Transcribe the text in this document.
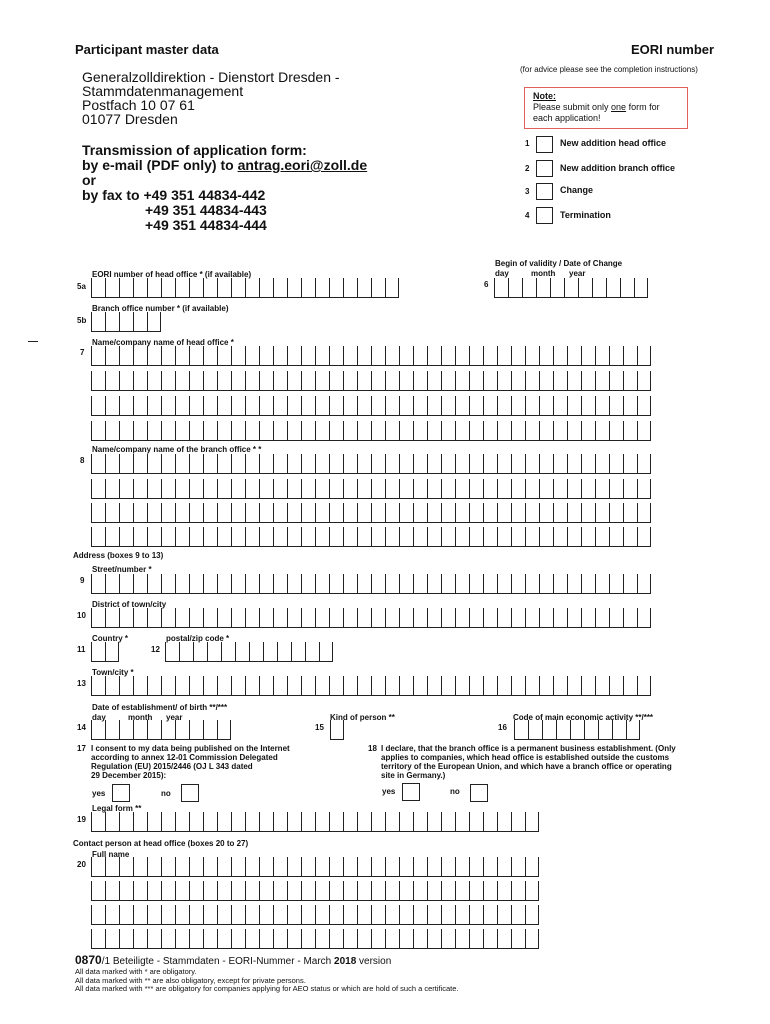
Participant master data	EORI number
(for advice please see the completion instructions)
Generalzolldirektion - Dienstort Dresden -
Stammdatenmanagement
Postfach 10 07 61
01077 Dresden
Transmission of application form:
by e-mail (PDF only) to antrag.eori@zoll.de
or
by fax to +49 351 44834-442
+49 351 44834-443
+49 351 44834-444
Note:
Please submit only one form for
each application!
1	New addition head office
2	New addition branch office
3	Change
4	Termination
EORI number of head office * (if available)
5a
Begin of validity / Date of Change
day	month year
6
Branch office number * (if available)
5b
Name/company name of head office *
7
Name/company name of the branch office * *
8
Address (boxes 9 to 13)
Street/number *
9
District of town/city
10
Country *
11
postal/zip code *
12
Town/city *
13
Date of establishment/ of birth **/***
day	month year
14
Kind of person **
15
Code of main economic activity **/***
16
17 I consent to my data being published on the Internet
according to annex 12-01 Commission Delegated
Regulation (EU) 2015/2446 (OJ L 343 dated
29 December 2015):
yes	no
18 I declare, that the branch office is a permanent business establishment. (Only
applies to companies, which head office is established outside the customs
territory of the European Union, and which have a branch office or operating
site in Germany.)
yes	no
Legal form **
19
Contact person at head office (boxes 20 to 27)
Full name
20
0870/1 Beteiligte - Stammdaten - EORI-Nummer - March 2018 version
All data marked with * are obligatory.
All data marked with ** are also obligatory, except for private persons.
All data marked with *** are obligatory for companies applying for AEO status or which are hold of such a certificate.
